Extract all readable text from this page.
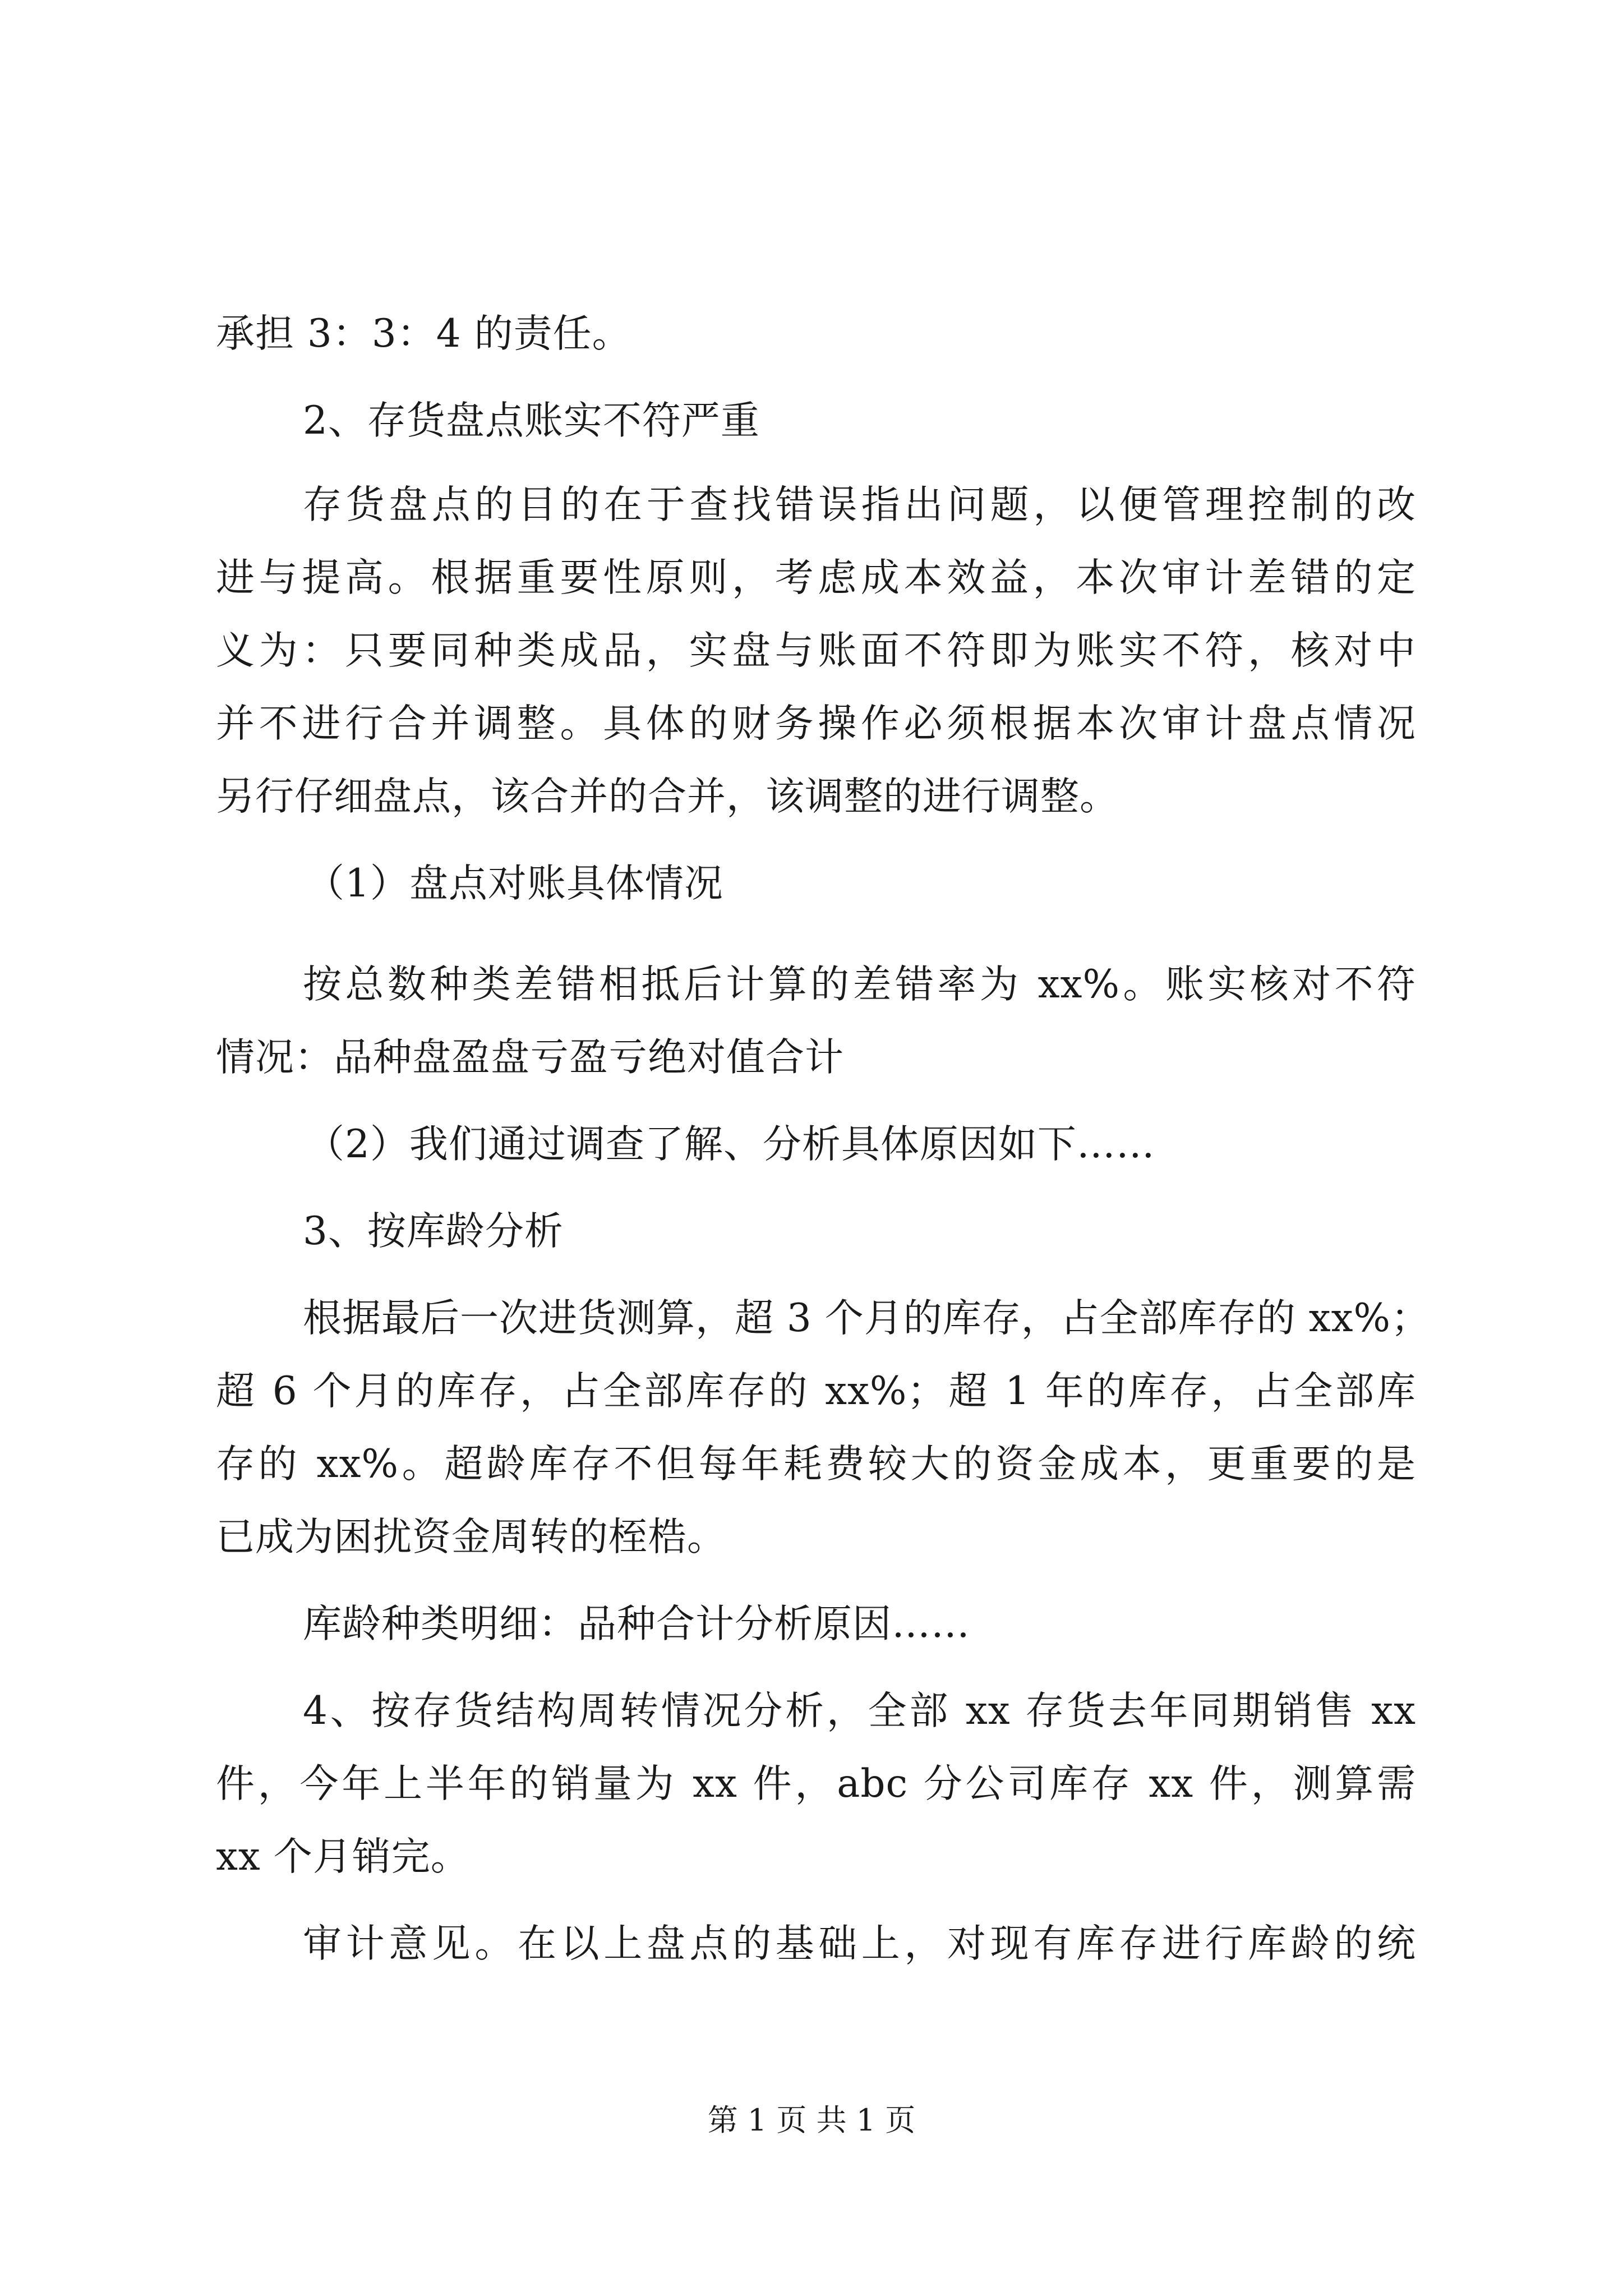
承担 3：3：4 的责任。
2、存货盘点账实不符严重
存货盘点的目的在于查找错误指出问题，以便管理控制的改
进与提高。根据重要性原则，考虑成本效益，本次审计差错的定
义为：只要同种类成品，实盘与账面不符即为账实不符，核对中
并不进行合并调整。具体的财务操作必须根据本次审计盘点情况
另行仔细盘点，该合并的合并，该调整的进行调整。
（1）盘点对账具体情况
按总数种类差错相抵后计算的差错率为 xx%。账实核对不符
情况：品种盘盈盘亏盈亏绝对值合计
（2）我们通过调查了解、分析具体原因如下……
3、按库龄分析
根据最后一次进货测算，超 3 个月的库存，占全部库存的 xx%；
超 6 个月的库存，占全部库存的 xx%；超 1 年的库存，占全部库
存的 xx%。超龄库存不但每年耗费较大的资金成本，更重要的是
已成为困扰资金周转的桎梏。
库龄种类明细：品种合计分析原因……
4、按存货结构周转情况分析，全部 xx 存货去年同期销售 xx
件，今年上半年的销量为 xx 件，abc 分公司库存 xx 件，测算需
xx 个月销完。
审计意见。在以上盘点的基础上，对现有库存进行库龄的统
第 1 页 共 1 页
